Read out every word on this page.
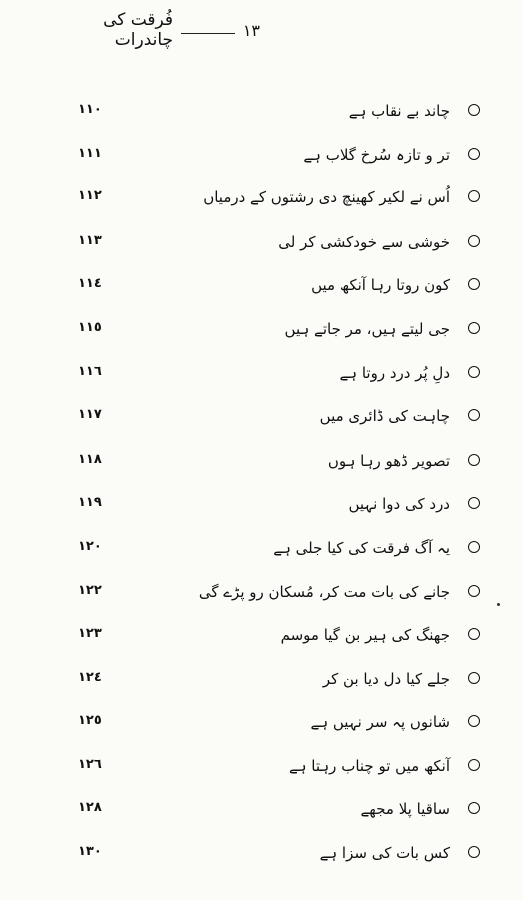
١٣
فُرقت کی چاندرات
چاند بے نقاب ہے
١١٠
تر و تازہ سُرخ گلاب ہے
١١١
اُس نے لکیر کھینچ دی رشتوں کے درمیاں
١١٢
خوشی سے خودکشی کر لی
١١٣
کون روتا رہا آنکھ میں
١١٤
جی لیتے ہیں، مر جاتے ہیں
١١٥
دلِ پُر درد روتا ہے
١١٦
چاہت کی ڈائری میں
١١٧
تصویر ڈھو رہا ہوں
١١٨
درد کی دوا نہیں
١١٩
یہ آگ فرقت کی کیا جلی ہے
١٢٠
جانے کی بات مت کر، مُسکان رو پڑے گی
١٢٢
جھنگ کی ہیر بن گیا موسم
١٢٣
جلے کیا دل دیا بن کر
١٢٤
شانوں پہ سر نہیں ہے
١٢٥
آنکھ میں تو چناب رہتا ہے
١٢٦
ساقیا پلا مجھے
١٢٨
کس بات کی سزا ہے
١٣٠
